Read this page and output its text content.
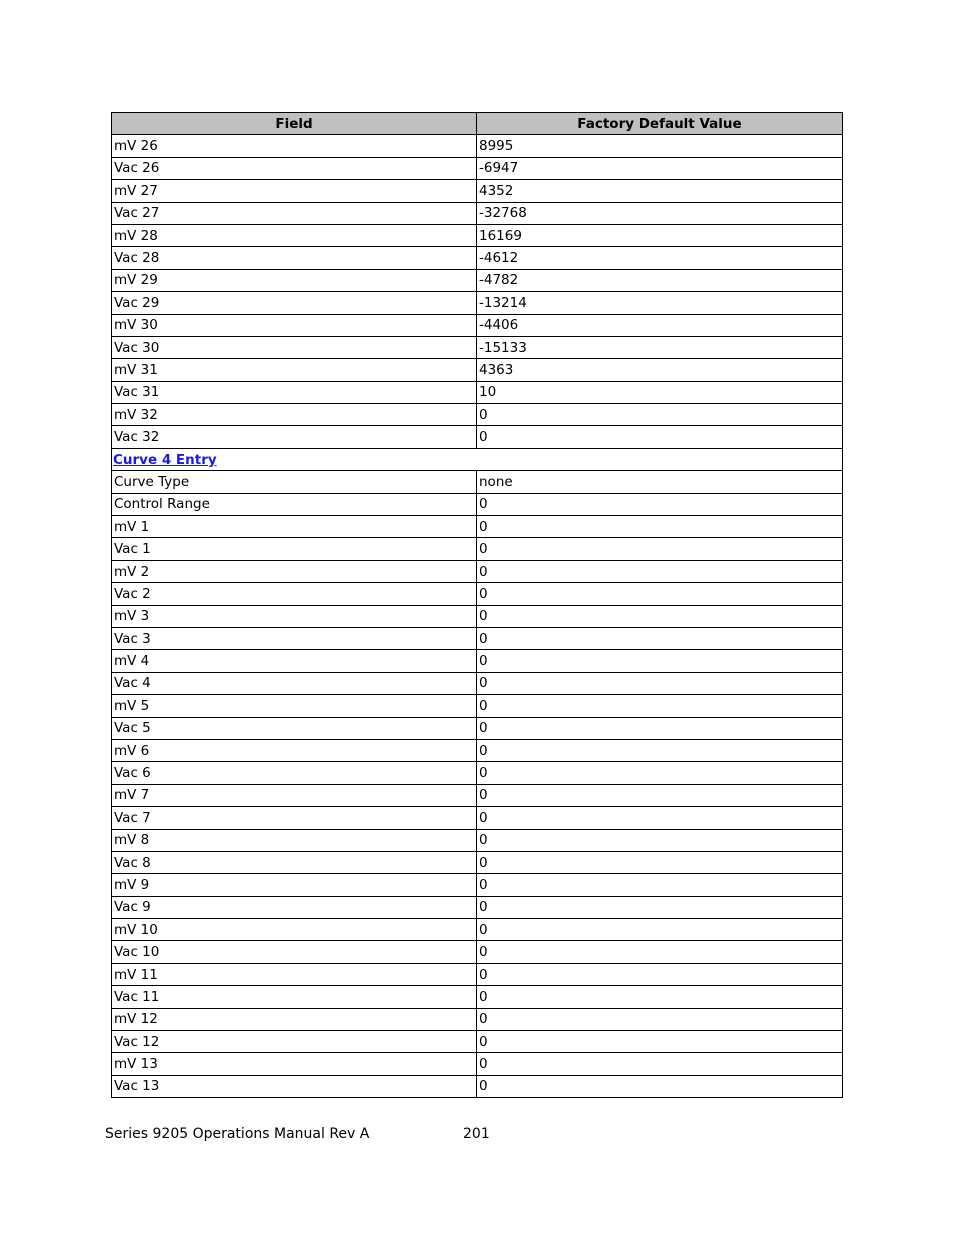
Field	Factory Default Value
mV 26	8995
Vac 26	-6947
mV 27	4352
Vac 27	-32768
mV 28	16169
Vac 28	-4612
mV 29	-4782
Vac 29	-13214
mV 30	-4406
Vac 30	-15133
mV 31	4363
Vac 31	10
mV 32	0
Vac 32	0
Curve 4 Entry	
Curve Type	none
Control Range	0
mV 1	0
Vac 1	0
mV 2	0
Vac 2	0
mV 3	0
Vac 3	0
mV 4	0
Vac 4	0
mV 5	0
Vac 5	0
mV 6	0
Vac 6	0
mV 7	0
Vac 7	0
mV 8	0
Vac 8	0
mV 9	0
Vac 9	0
mV 10	0
Vac 10	0
mV 11	0
Vac 11	0
mV 12	0
Vac 12	0
mV 13	0
Vac 13	0
Series 9205 Operations Manual Rev A	201
